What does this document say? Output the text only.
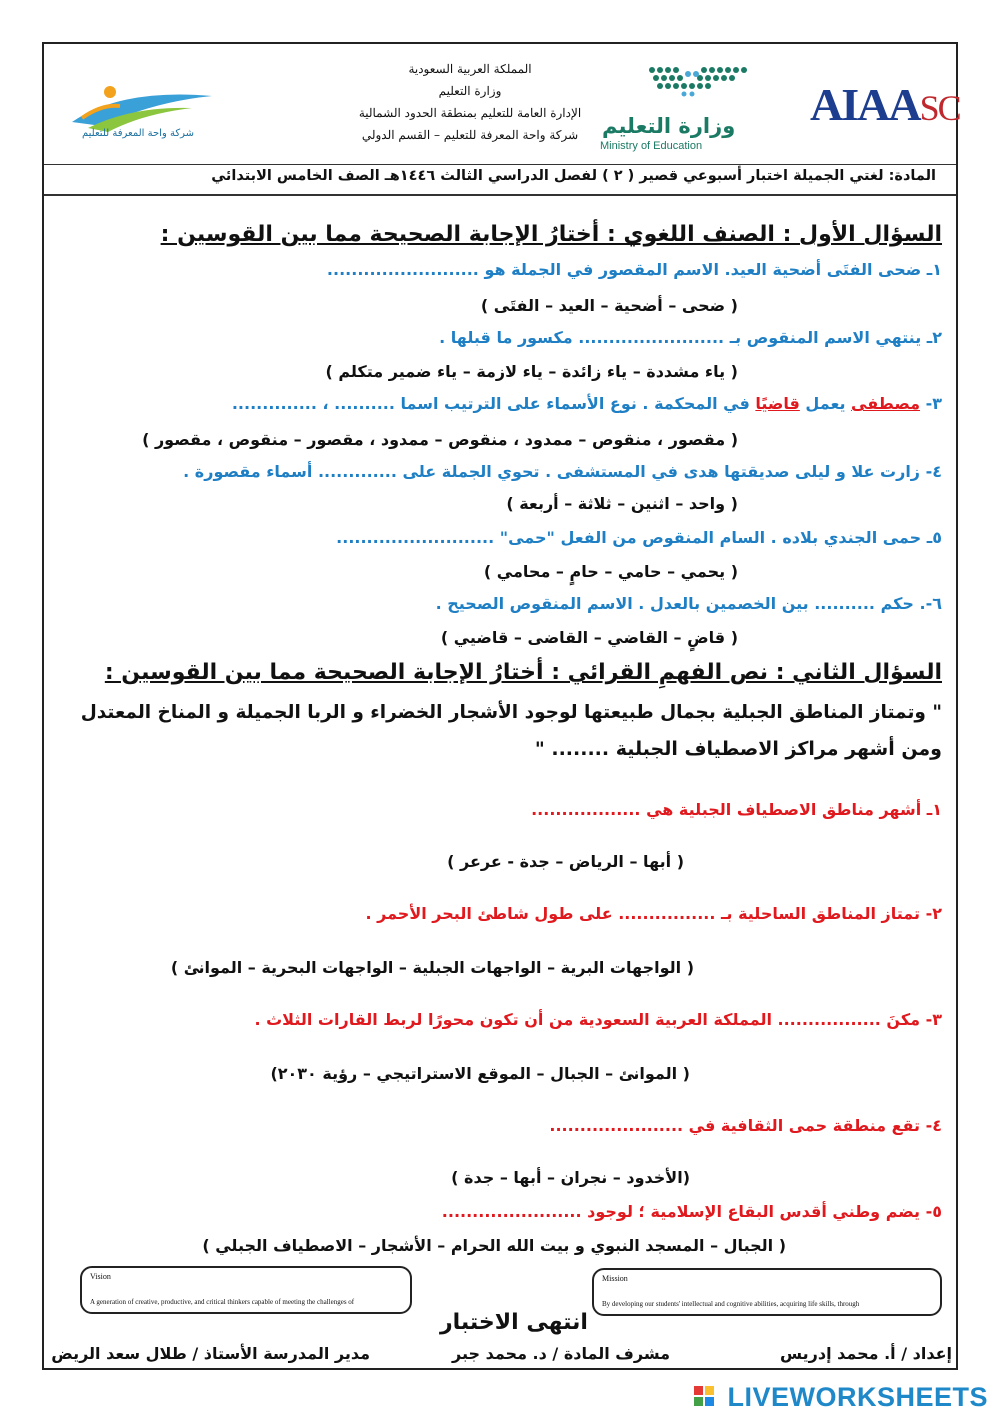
المملكة العربية السعودية
وزارة التعليم
الإدارة العامة للتعليم بمنطقة الحدود الشمالية
شركة واحة المعرفة للتعليم – القسم الدولي
AIAASC
وزارة التعليم
Ministry of Education
شركة واحة المعرفة للتعليم
المادة: لغتي الجميلة اختبار أسبوعي قصير ( ٢ ) لفصل الدراسي الثالث ١٤٤٦هـ الصف الخامس الابتدائي
السؤال الأول : الصنف اللغوي : أختارُ الإجابة الصحيحة مما بين القوسين :
١ـ ضحى الفتَى أضحية العيد. الاسم المقصور في الجملة هو .........................
( ضحى – أضحية – العيد – الفتَى )
٢ـ ينتهي الاسم المنقوص بـ ........................ مكسور ما قبلها .
( ياء مشددة – ياء زائدة – ياء لازمة – ياء ضمير متكلم )
٣- مصطفى يعمل قاضيًا في المحكمة . نوع الأسماء على الترتيب اسما .......... ، ..............
( مقصور ، منقوص – ممدود ، منقوص – ممدود ، مقصور – منقوص ، مقصور )
٤- زارت علا و ليلى صديقتها هدى في المستشفى . تحوي الجملة على ............. أسماء مقصورة .
( واحد – اثنين – ثلاثة – أربعة )
٥ـ حمى الجندي بلاده . السام المنقوص من الفعل "حمى" ..........................
( يحمي – حامي – حامٍ – محامي )
٦-. حكم .......... بين الخصمين بالعدل . الاسم المنقوص الصحيح .
( قاضٍ – القاضي – القاضى – قاضيي )
السؤال الثاني : نص الفهمِ القرائي : أختارُ الإجابة الصحيحة مما بين القوسين :
" وتمتاز المناطق الجبلية بجمال طبيعتها لوجود الأشجار الخضراء و الربا الجميلة و المناخ المعتدل
ومن أشهر مراكز الاصطياف الجبلية ........ "
١ـ أشهر مناطق الاصطياف الجبلية هي ..................
( أبها – الرياض – جدة - عرعر )
٢- تمتاز المناطق الساحلية بـ ................ على طول شاطئ البحر الأحمر .
( الواجهات البرية – الواجهات الجبلية – الواجهات البحرية – الموانئ )
٣- مكنَ ................. المملكة العربية السعودية من أن تكون محورًا لربط القارات الثلاث .
( الموانئ – الجبال – الموقع الاستراتيجي – رؤية ٢٠٣٠)
٤- تقع منطقة حمى الثقافية في ......................
(الأخدود – نجران – أبها – جدة )
٥- يضم وطني أقدس البقاع الإسلامية ؛ لوجود .......................
( الجبال – المسجد النبوي و بيت الله الحرام – الأشجار – الاصطياف الجبلي )
Vision
A generation of creative, productive, and critical thinkers capable of meeting the challenges of
Mission
By developing our students' intellectual and cognitive abilities, acquiring life skills, through
انتهى الاختبار
إعداد / أ. محمد إدريس
مشرف المادة / د. محمد جبر
مدير المدرسة الأستاذ / طلال سعد الريض
LIVEWORKSHEETS
